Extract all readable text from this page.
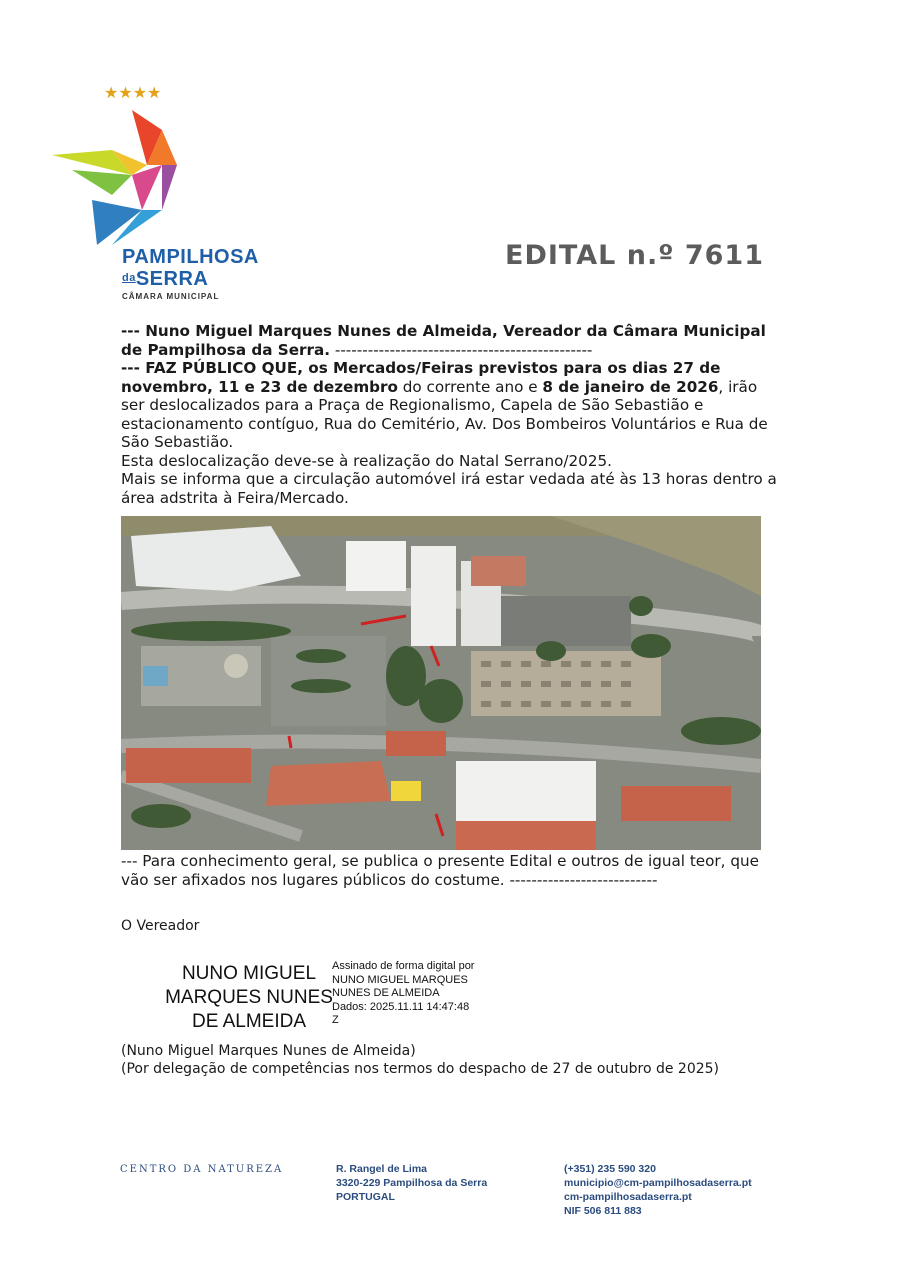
★★★★
PAMPILHOSA
$^{da}$SERRA
CÂMARA MUNICIPAL
EDITAL n.º 7611

--- Nuno Miguel Marques Nunes de Almeida, Vereador da Câmara Municipal de Pampilhosa da Serra. -----------------------------------------------

--- FAZ PÚBLICO QUE, os Mercados/Feiras previstos para os dias 27 de novembro, 11 e 23 de dezembro do corrente ano e 8 de janeiro de 2026, irão ser deslocalizados para a Praça de Regionalismo, Capela de São Sebastião e estacionamento contíguo, Rua do Cemitério, Av. Dos Bombeiros Voluntários e Rua de São Sebastião.

Esta deslocalização deve-se à realização do Natal Serrano/2025.

Mais se informa que a circulação automóvel irá estar vedada até às 13 horas dentro a área adstrita à Feira/Mercado.

--- Para conhecimento geral, se publica o presente Edital e outros de igual teor, que vão ser afixados nos lugares públicos do costume. ---------------------------

O Vereador
NUNO MIGUEL MARQUES NUNES DE ALMEIDA
Assinado de forma digital por
NUNO MIGUEL MARQUES
NUNES DE ALMEIDA
Dados: 2025.11.11 14:47:48
Z

(Nuno Miguel Marques Nunes de Almeida)

(Por delegação de competências nos termos do despacho de 27 de outubro de 2025)

CENTRO DA NATUREZA	R. Rangel de Lima

3320-229 Pampilhosa da Serra

PORTUGAL

(+351) 235 590 320

municipio@cm-pampilhosadaserra.pt

cm-pampilhosadaserra.pt

NIF 506 811 883
